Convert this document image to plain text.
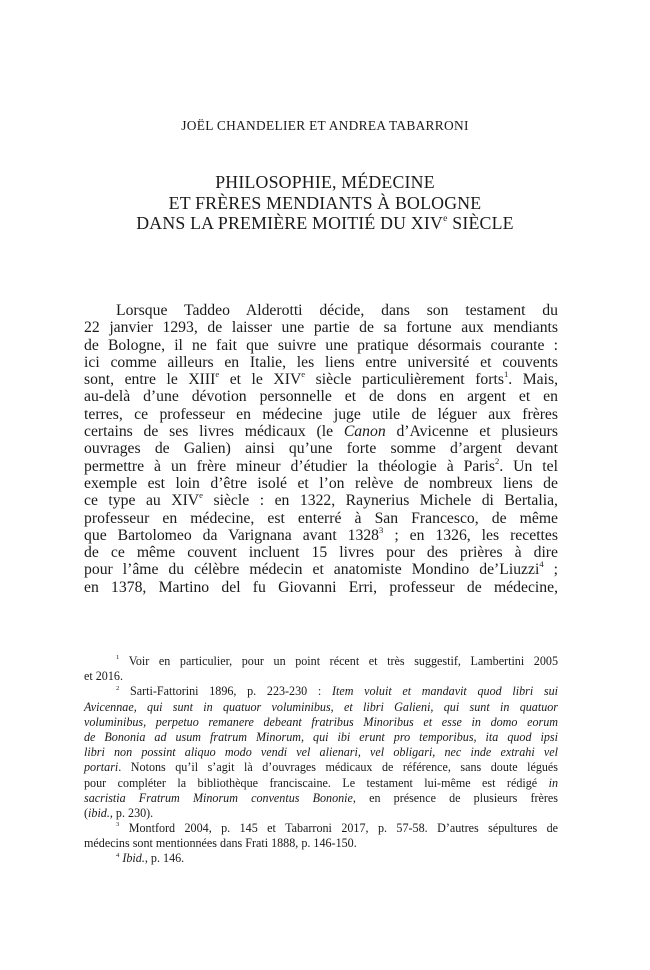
JOËL CHANDELIER ET ANDREA TABARRONI
PHILOSOPHIE, MÉDECINE
ET FRÈRES MENDIANTS À BOLOGNE
DANS LA PREMIÈRE MOITIÉ DU XIVe SIÈCLE
Lorsque Taddeo Alderotti décide, dans son testament du
22 janvier 1293, de laisser une partie de sa fortune aux mendiants
de Bologne, il ne fait que suivre une pratique désormais courante :
ici comme ailleurs en Italie, les liens entre université et couvents
sont, entre le XIIIe et le XIVe siècle particulièrement forts$^1$. Mais,
au-delà d’une dévotion personnelle et de dons en argent et en
terres, ce professeur en médecine juge utile de léguer aux frères
certains de ses livres médicaux (le Canon d’Avicenne et plusieurs
ouvrages de Galien) ainsi qu’une forte somme d’argent devant
permettre à un frère mineur d’étudier la théologie à Paris$^2$. Un tel
exemple est loin d’être isolé et l’on relève de nombreux liens de
ce type au XIVe siècle : en 1322, Raynerius Michele di Bertalia,
professeur en médecine, est enterré à San Francesco, de même
que Bartolomeo da Varignana avant 1328$^3$ ; en 1326, les recettes
de ce même couvent incluent 15 livres pour des prières à dire
pour l’âme du célèbre médecin et anatomiste Mondino de’Liuzzi$^4$ ;
en 1378, Martino del fu Giovanni Erri, professeur de médecine,
$^1$ Voir en particulier, pour un point récent et très suggestif, Lambertini 2005
et 2016.
$^2$ Sarti-Fattorini 1896, p. 223-230 : Item voluit et mandavit quod libri sui
Avicennae, qui sunt in quatuor voluminibus, et libri Galieni, qui sunt in quatuor
voluminibus, perpetuo remanere debeant fratribus Minoribus et esse in domo eorum
de Bononia ad usum fratrum Minorum, qui ibi erunt pro temporibus, ita quod ipsi
libri non possint aliquo modo vendi vel alienari, vel obligari, nec inde extrahi vel
portari. Notons qu’il s’agit là d’ouvrages médicaux de référence, sans doute légués
pour compléter la bibliothèque franciscaine. Le testament lui-même est rédigé in
sacristia Fratrum Minorum conventus Bononie, en présence de plusieurs frères
(ibid., p. 230).
$^3$ Montford 2004, p. 145 et Tabarroni 2017, p. 57-58. D’autres sépultures de
médecins sont mentionnées dans Frati 1888, p. 146-150.
$^4$ Ibid., p. 146.
